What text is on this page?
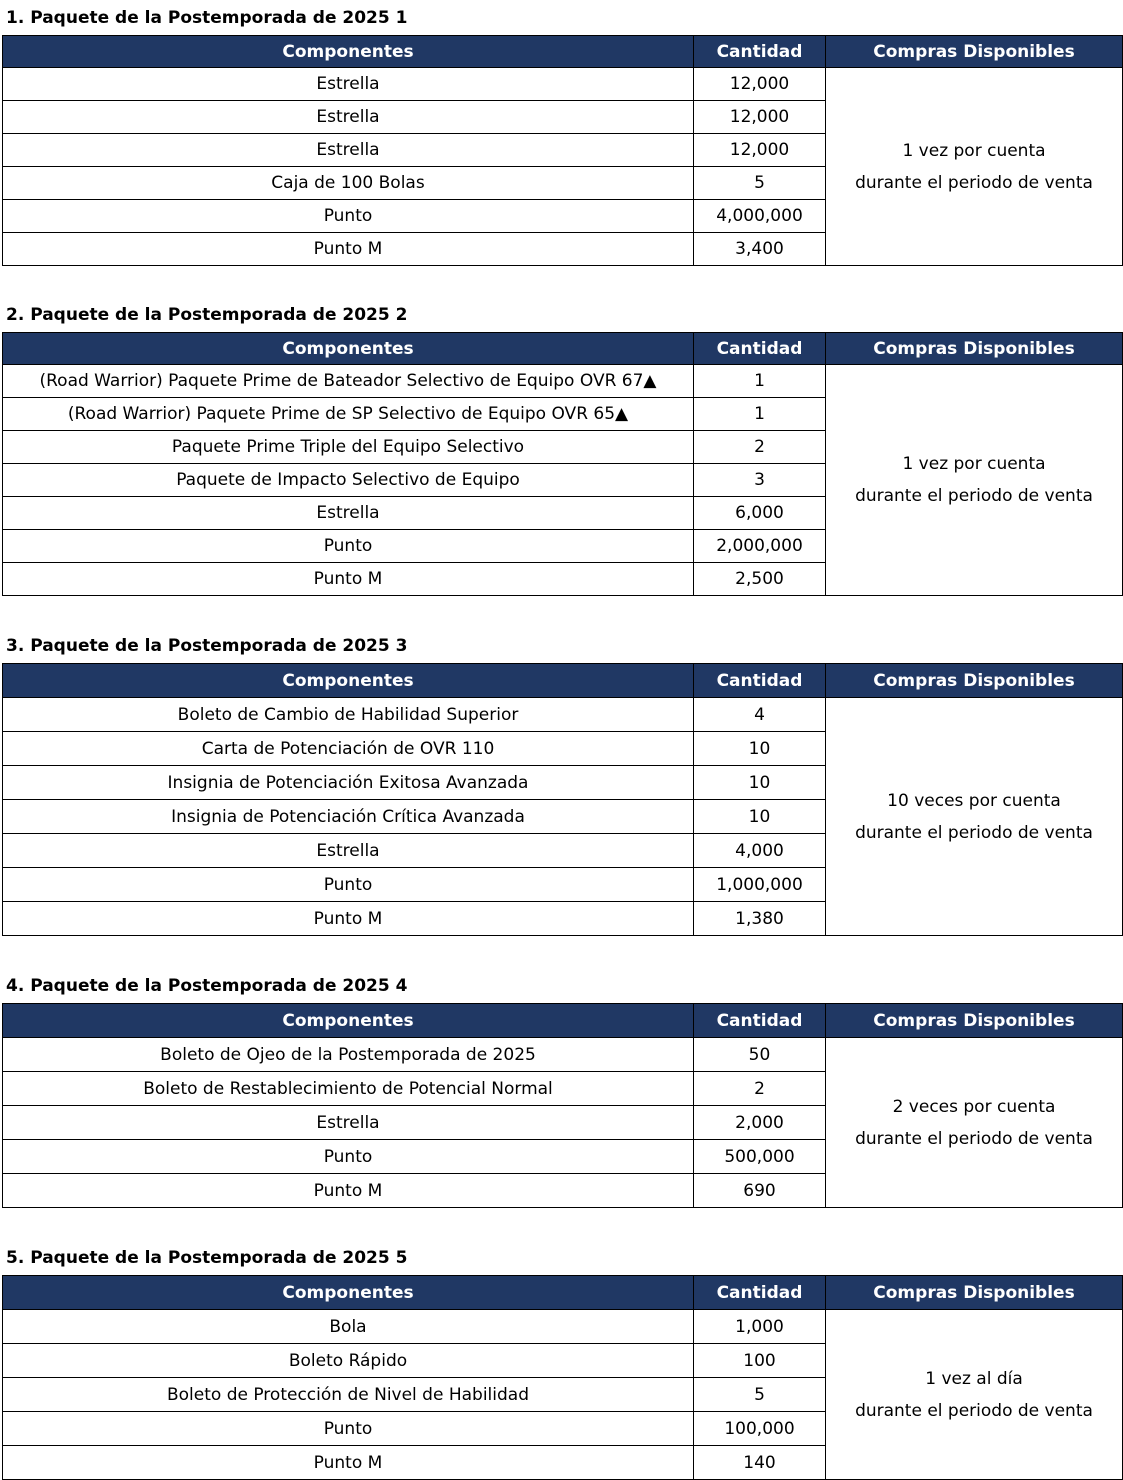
1. Paquete de la Postemporada de 2025 1
Componentes	Cantidad	Compras Disponibles
Estrella	12,000	1 vez por cuenta
durante el periodo de venta

Estrella	12,000	
Estrella	12,000	
Caja de 100 Bolas	5	
Punto	4,000,000	
Punto M	3,400	
2. Paquete de la Postemporada de 2025 2
Componentes	Cantidad	Compras Disponibles
(Road Warrior) Paquete Prime de Bateador Selectivo de Equipo OVR 67▲	1	1 vez por cuenta
durante el periodo de venta

(Road Warrior) Paquete Prime de SP Selectivo de Equipo OVR 65▲	1	
Paquete Prime Triple del Equipo Selectivo	2	
Paquete de Impacto Selectivo de Equipo	3	
Estrella	6,000	
Punto	2,000,000	
Punto M	2,500	
3. Paquete de la Postemporada de 2025 3
Componentes	Cantidad	Compras Disponibles
Boleto de Cambio de Habilidad Superior	4	10 veces por cuenta
durante el periodo de venta

Carta de Potenciación de OVR 110	10	
Insignia de Potenciación Exitosa Avanzada	10	
Insignia de Potenciación Crítica Avanzada	10	
Estrella	4,000	
Punto	1,000,000	
Punto M	1,380	
4. Paquete de la Postemporada de 2025 4
Componentes	Cantidad	Compras Disponibles
Boleto de Ojeo de la Postemporada de 2025	50	2 veces por cuenta
durante el periodo de venta

Boleto de Restablecimiento de Potencial Normal	2	
Estrella	2,000	
Punto	500,000	
Punto M	690	
5. Paquete de la Postemporada de 2025 5
Componentes	Cantidad	Compras Disponibles
Bola	1,000	1 vez al día
durante el periodo de venta

Boleto Rápido	100	
Boleto de Protección de Nivel de Habilidad	5	
Punto	100,000	
Punto M	140	
